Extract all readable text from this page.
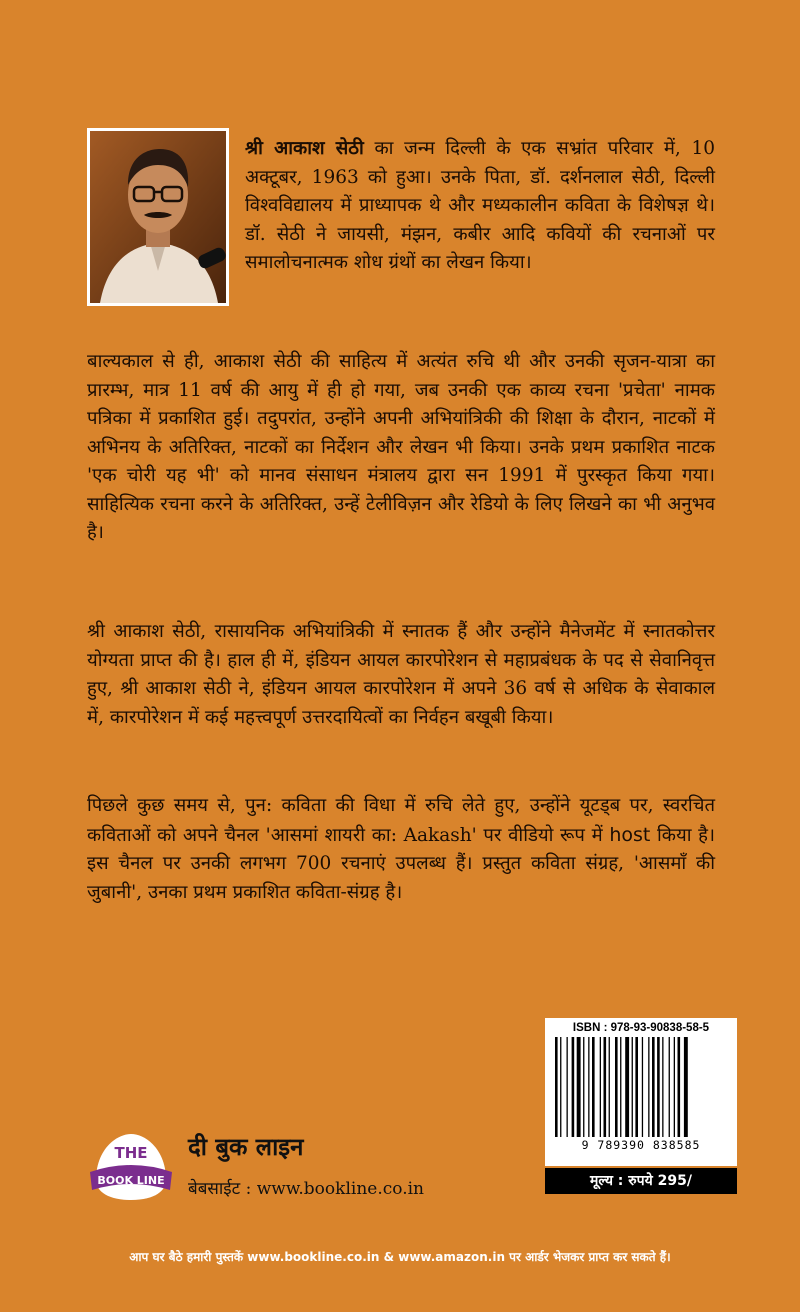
श्री आकाश सेठी का जन्म दिल्ली के एक सभ्रांत परिवार में, 10 अक्टूबर, 1963 को हुआ। उनके पिता, डॉ. दर्शनलाल सेठी, दिल्ली विश्वविद्यालय में प्राध्यापक थे और मध्यकालीन कविता के विशेषज्ञ थे। डॉ. सेठी ने जायसी, मंझन, कबीर आदि कवियों की रचनाओं पर समालोचनात्मक शोध ग्रंथों का लेखन किया।
बाल्यकाल से ही, आकाश सेठी की साहित्य में अत्यंत रुचि थी और उनकी सृजन-यात्रा का प्रारम्भ, मात्र 11 वर्ष की आयु में ही हो गया, जब उनकी एक काव्य रचना 'प्रचेता' नामक पत्रिका में प्रकाशित हुई। तदुपरांत, उन्होंने अपनी अभियांत्रिकी की शिक्षा के दौरान, नाटकों में अभिनय के अतिरिक्त, नाटकों का निर्देशन और लेखन भी किया। उनके प्रथम प्रकाशित नाटक 'एक चोरी यह भी' को मानव संसाधन मंत्रालय द्वारा सन 1991 में पुरस्कृत किया गया। साहित्यिक रचना करने के अतिरिक्त, उन्हें टेलीविज़न और रेडियो के लिए लिखने का भी अनुभव है।
श्री आकाश सेठी, रासायनिक अभियांत्रिकी में स्नातक हैं और उन्होंने मैनेजमेंट में स्नातकोत्तर योग्यता प्राप्त की है। हाल ही में, इंडियन आयल कारपोरेशन से महाप्रबंधक के पद से सेवानिवृत्त हुए, श्री आकाश सेठी ने, इंडियन आयल कारपोरेशन में अपने 36 वर्ष से अधिक के सेवाकाल में, कारपोरेशन में कई महत्त्वपूर्ण उत्तरदायित्वों का निर्वहन बखूबी किया।
पिछले कुछ समय से, पुन: कविता की विधा में रुचि लेते हुए, उन्होंने यूटड्ब पर, स्वरचित कविताओं को अपने चैनल 'आसमां शायरी का: Aakash' पर वीडियो रूप में host किया है। इस चैनल पर उनकी लगभग 700 रचनाएं उपलब्ध हैं। प्रस्तुत कविता संग्रह, 'आसमाँ की जुबानी', उनका प्रथम प्रकाशित कविता-संग्रह है।
ISBN : 978-93-90838-58-5
9 789390 838585
मूल्य : रुपये 295/
THE
BOOK LINE
दी बुक लाइन
बेबसाईट : www.bookline.co.in
आप घर बैठे हमारी पुस्तकें www.bookline.co.in & www.amazon.in पर आर्डर भेजकर प्राप्त कर सकते हैं।
